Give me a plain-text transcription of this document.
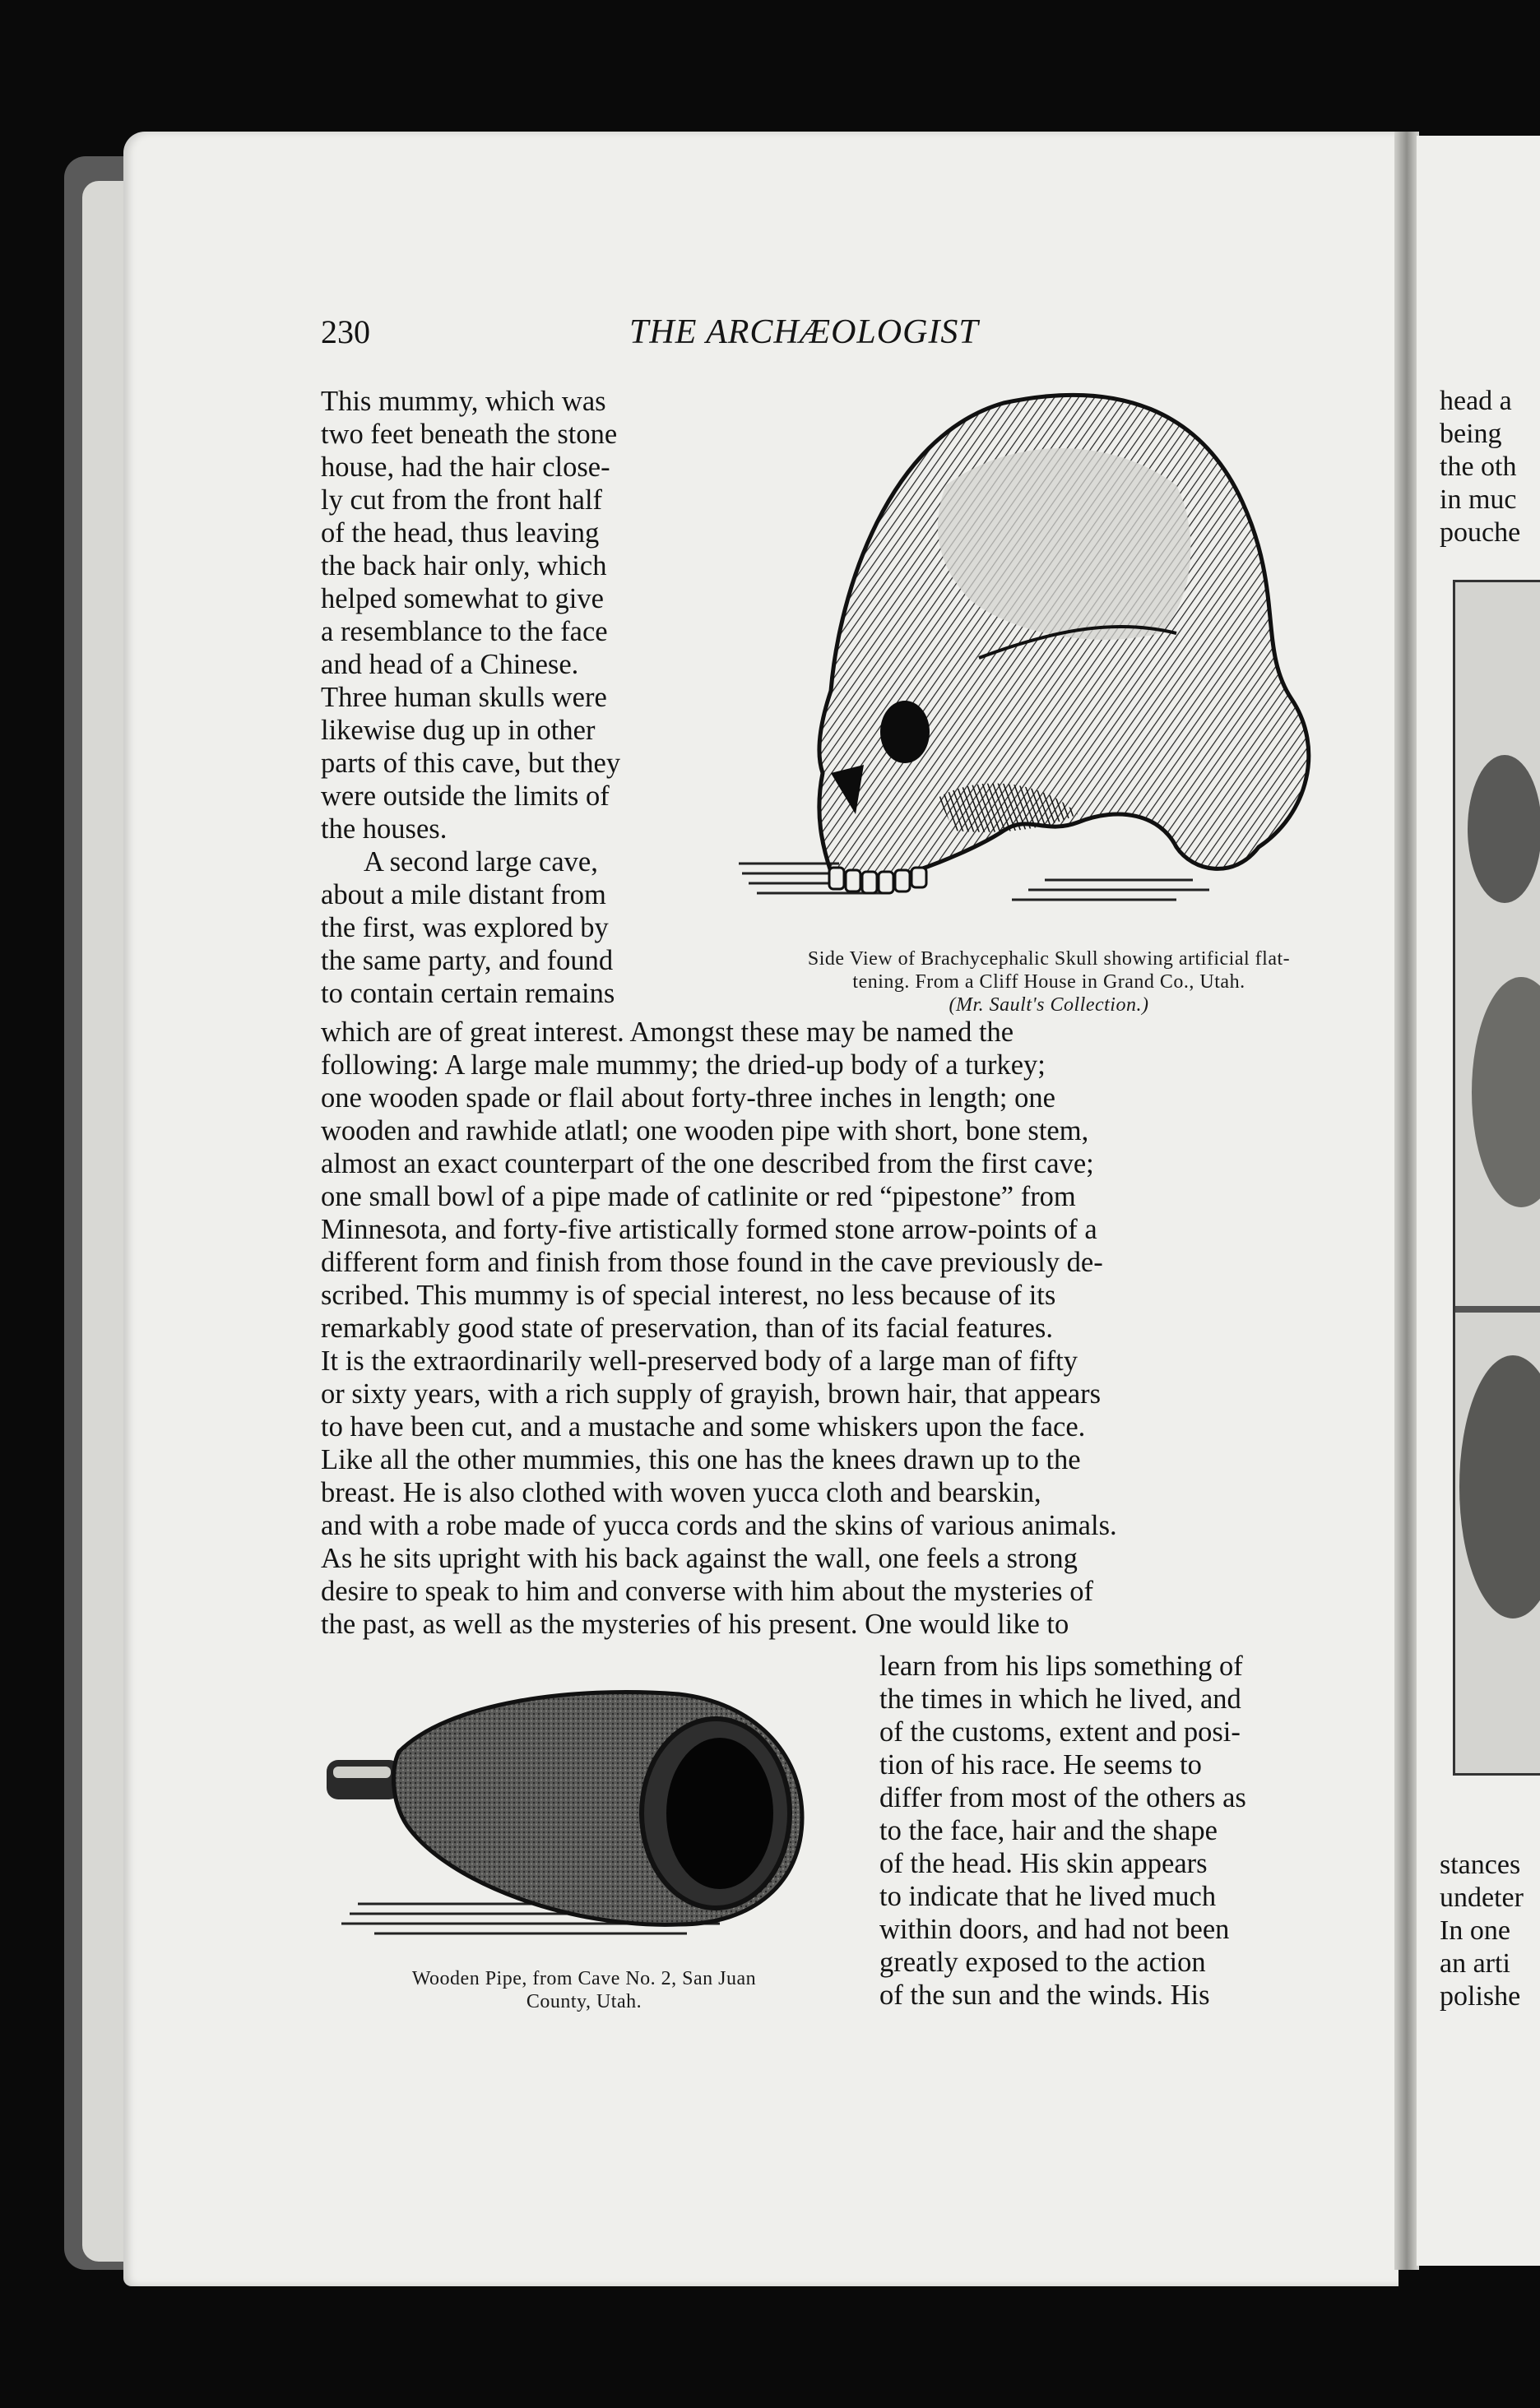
230	THE ARCHÆOLOGIST
This mummy, which was
two feet beneath the stone
house, had the hair close-
ly cut from the front half
of the head, thus leaving
the back hair only, which
helped somewhat to give
a resemblance to the face
and head of a Chinese.
Three human skulls were
likewise dug up in other
parts of this cave, but they
were outside the limits of
the houses.
A second large cave,
about a mile distant from
the first, was explored by
the same party, and found
to contain certain remains
Side View of Brachycephalic Skull showing artificial flat-
tening. From a Cliff House in Grand Co., Utah.
(Mr. Sault's Collection.)
which are of great interest. Amongst these may be named the
following: A large male mummy; the dried-up body of a turkey;
one wooden spade or flail about forty-three inches in length; one
wooden and rawhide atlatl; one wooden pipe with short, bone stem,
almost an exact counterpart of the one described from the first cave;
one small bowl of a pipe made of catlinite or red “pipestone” from
Minnesota, and forty-five artistically formed stone arrow-points of a
different form and finish from those found in the cave previously de-
scribed. This mummy is of special interest, no less because of its
remarkably good state of preservation, than of its facial features.
It is the extraordinarily well-preserved body of a large man of fifty
or sixty years, with a rich supply of grayish, brown hair, that appears
to have been cut, and a mustache and some whiskers upon the face.
Like all the other mummies, this one has the knees drawn up to the
breast. He is also clothed with woven yucca cloth and bearskin,
and with a robe made of yucca cords and the skins of various animals.
As he sits upright with his back against the wall, one feels a strong
desire to speak to him and converse with him about the mysteries of
the past, as well as the mysteries of his present. One would like to
Wooden Pipe, from Cave No. 2, San Juan
County, Utah.
learn from his lips something of
the times in which he lived, and
of the customs, extent and posi-
tion of his race. He seems to
differ from most of the others as
to the face, hair and the shape
of the head. His skin appears
to indicate that he lived much
within doors, and had not been
greatly exposed to the action
of the sun and the winds. His
head a
being
the oth
in muc
pouche
stances
undeter
In one
an arti
polishe
